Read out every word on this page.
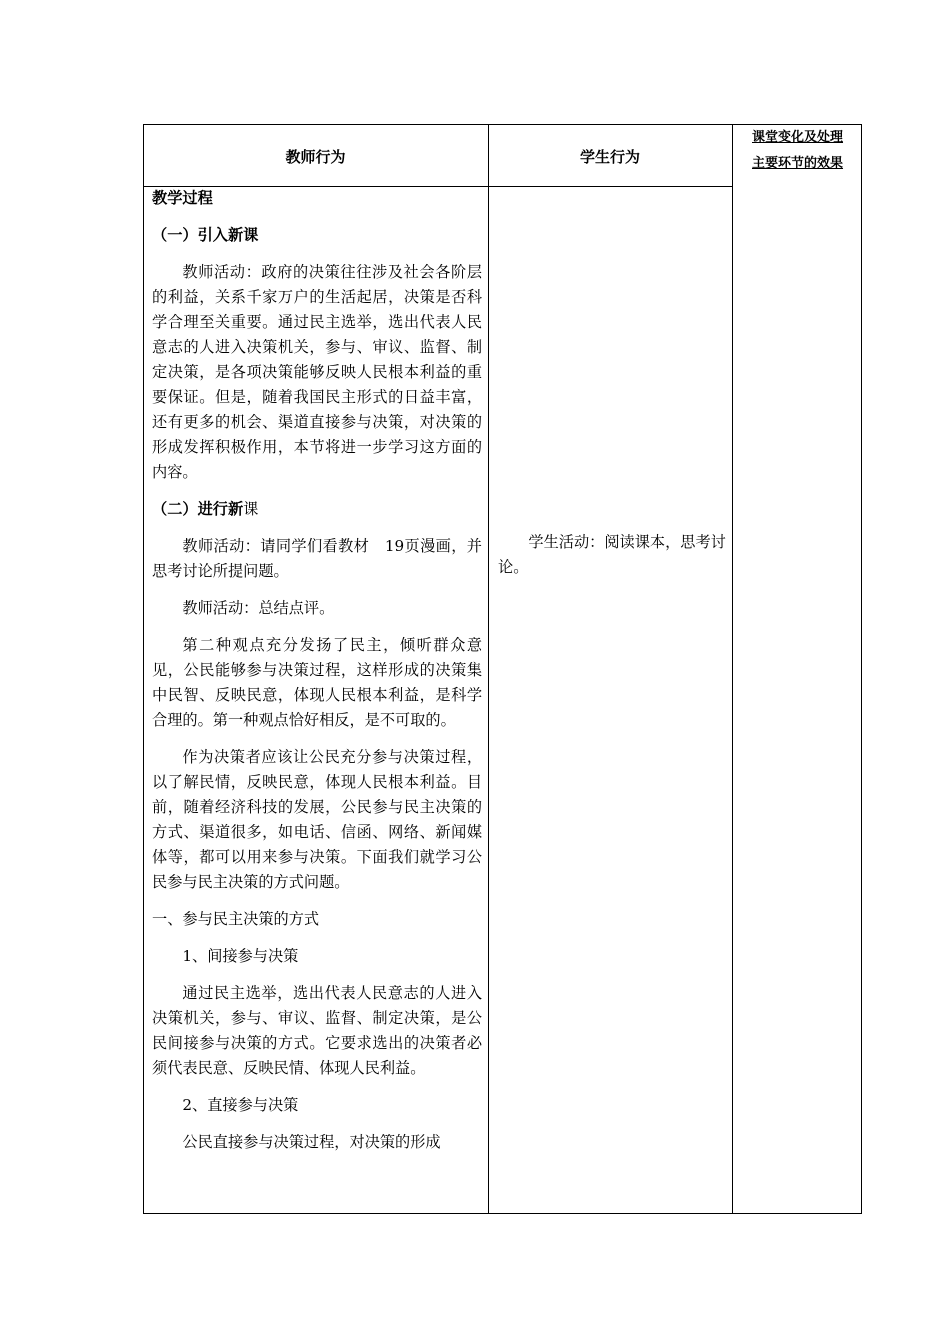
教师行为	学生行为
课堂变化及处理
主要环节的效果

教学过程

（一）引入新课

教师活动：政府的决策往往涉及社会各阶层的利益，关系千家万户的生活起居，决策是否科学合理至关重要。通过民主选举，选出代表人民意志的人进入决策机关，参与、审议、监督、制定决策，是各项决策能够反映人民根本利益的重要保证。但是，随着我国民主形式的日益丰富，还有更多的机会、渠道直接参与决策，对决策的形成发挥积极作用，本节将进一步学习这方面的内容。

（二）进行新课

教师活动：请同学们看教材　19页漫画，并思考讨论所提问题。

教师活动：总结点评。

第二种观点充分发扬了民主，倾听群众意见，公民能够参与决策过程，这样形成的决策集中民智、反映民意，体现人民根本利益，是科学合理的。第一种观点恰好相反，是不可取的。

作为决策者应该让公民充分参与决策过程，以了解民情，反映民意，体现人民根本利益。目前，随着经济科技的发展，公民参与民主决策的方式、渠道很多，如电话、信函、网络、新闻媒体等，都可以用来参与决策。下面我们就学习公民参与民主决策的方式问题。

一、参与民主决策的方式

1、间接参与决策

通过民主选举，选出代表人民意志的人进入决策机关，参与、审议、监督、制定决策，是公民间接参与决策的方式。它要求选出的决策者必须代表民意、反映民情、体现人民利益。

2、直接参与决策

公民直接参与决策过程，对决策的形成

学生活动：阅读课本，思考讨论。
